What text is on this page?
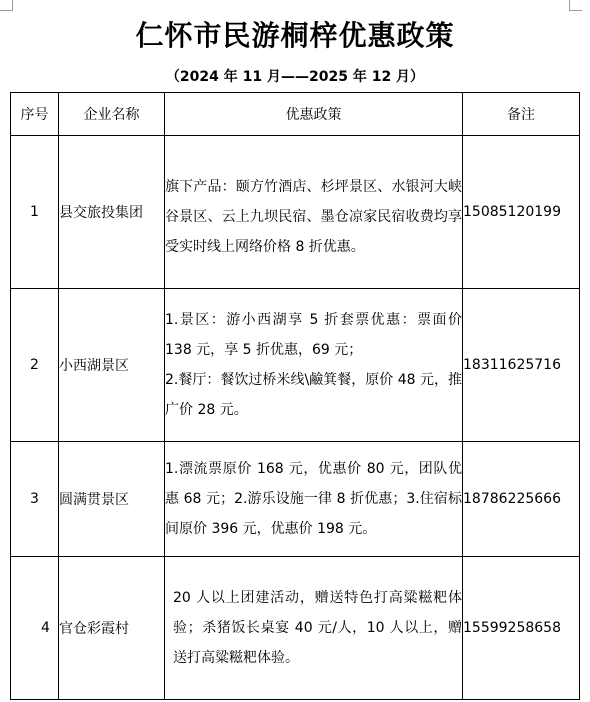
仁怀市民游桐梓优惠政策
（2024 年 11 月——2025 年 12 月）
序号	企业名称	优惠政策	备注
1	县交旅投集团	旗下产品：颐方竹酒店、杉坪景区、水银河大峡谷景区、云上九坝民宿、墨仓凉家民宿收费均享受实时线上网络价格 8 折优惠。	15085120199
2	小西湖景区	1.景区：游小西湖享 5 折套票优惠：票面价 138 元，享 5 折优惠，69 元；
2.餐厅：餐饮过桥米线\鹼箕餐，原价 48 元，推广价 28 元。	18311625716
3	圆满贯景区	1.漂流票原价 168 元，优惠价 80 元，团队优惠 68 元；2.游乐设施一律 8 折优惠；3.住宿标间原价 396 元，优惠价 198 元。	18786225666
4	官仓彩霞村	20 人以上团建活动，赠送特色打高粱糍粑体验；杀猪饭长桌宴 40 元/人，10 人以上，赠送打高粱糍粑体验。	15599258658
